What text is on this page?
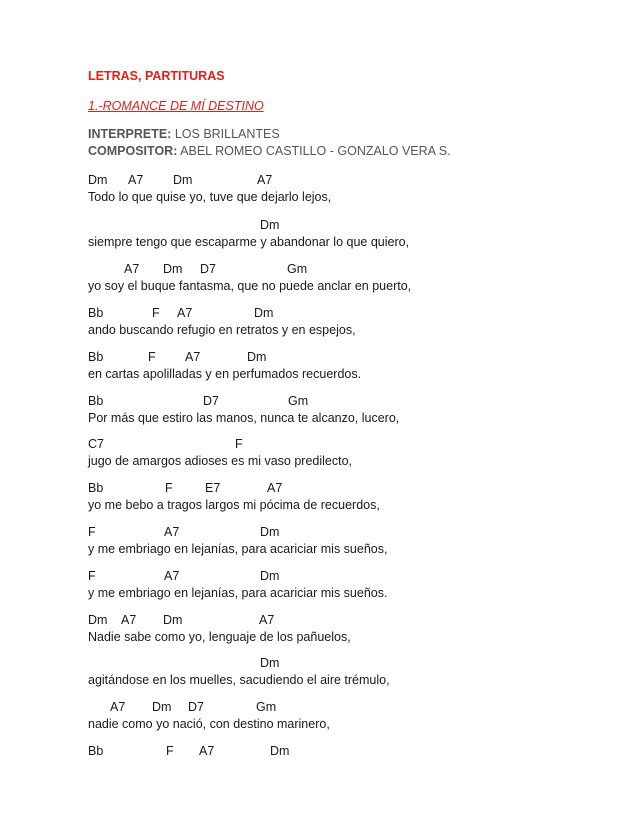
LETRAS, PARTITURAS
1.-ROMANCE DE MÍ DESTINO
INTERPRETE: LOS BRILLANTES
COMPOSITOR: ABEL ROMEO CASTILLO - GONZALO VERA S.
Dm A7 Dm	A7
Todo lo que quise yo, tuve que dejarlo lejos,
Dm
siempre tengo que escaparme y abandonar lo que quiero,
A7 Dm D7	Gm
yo soy el buque fantasma, que no puede anclar en puerto,
Bb	F A7	Dm
ando buscando refugio en retratos y en espejos,
Bb	F A7	Dm
en cartas apolilladas y en perfumados recuerdos.
Bb	D7	Gm
Por más que estiro las manos, nunca te alcanzo, lucero,
C7	F
jugo de amargos adioses es mi vaso predilecto,
Bb	F	E7	A7
yo me bebo a tragos largos mi pócima de recuerdos,
F	A7	Dm
y me embriago en lejanías, para acariciar mis sueños,
F	A7	Dm
y me embriago en lejanías, para acariciar mis sueños.
Dm A7 Dm	A7
Nadie sabe como yo, lenguaje de los pañuelos,
Dm
agitándose en los muelles, sacudiendo el aire trémulo,
A7 Dm D7	Gm
nadie como yo nació, con destino marinero,
Bb	F A7	Dm
